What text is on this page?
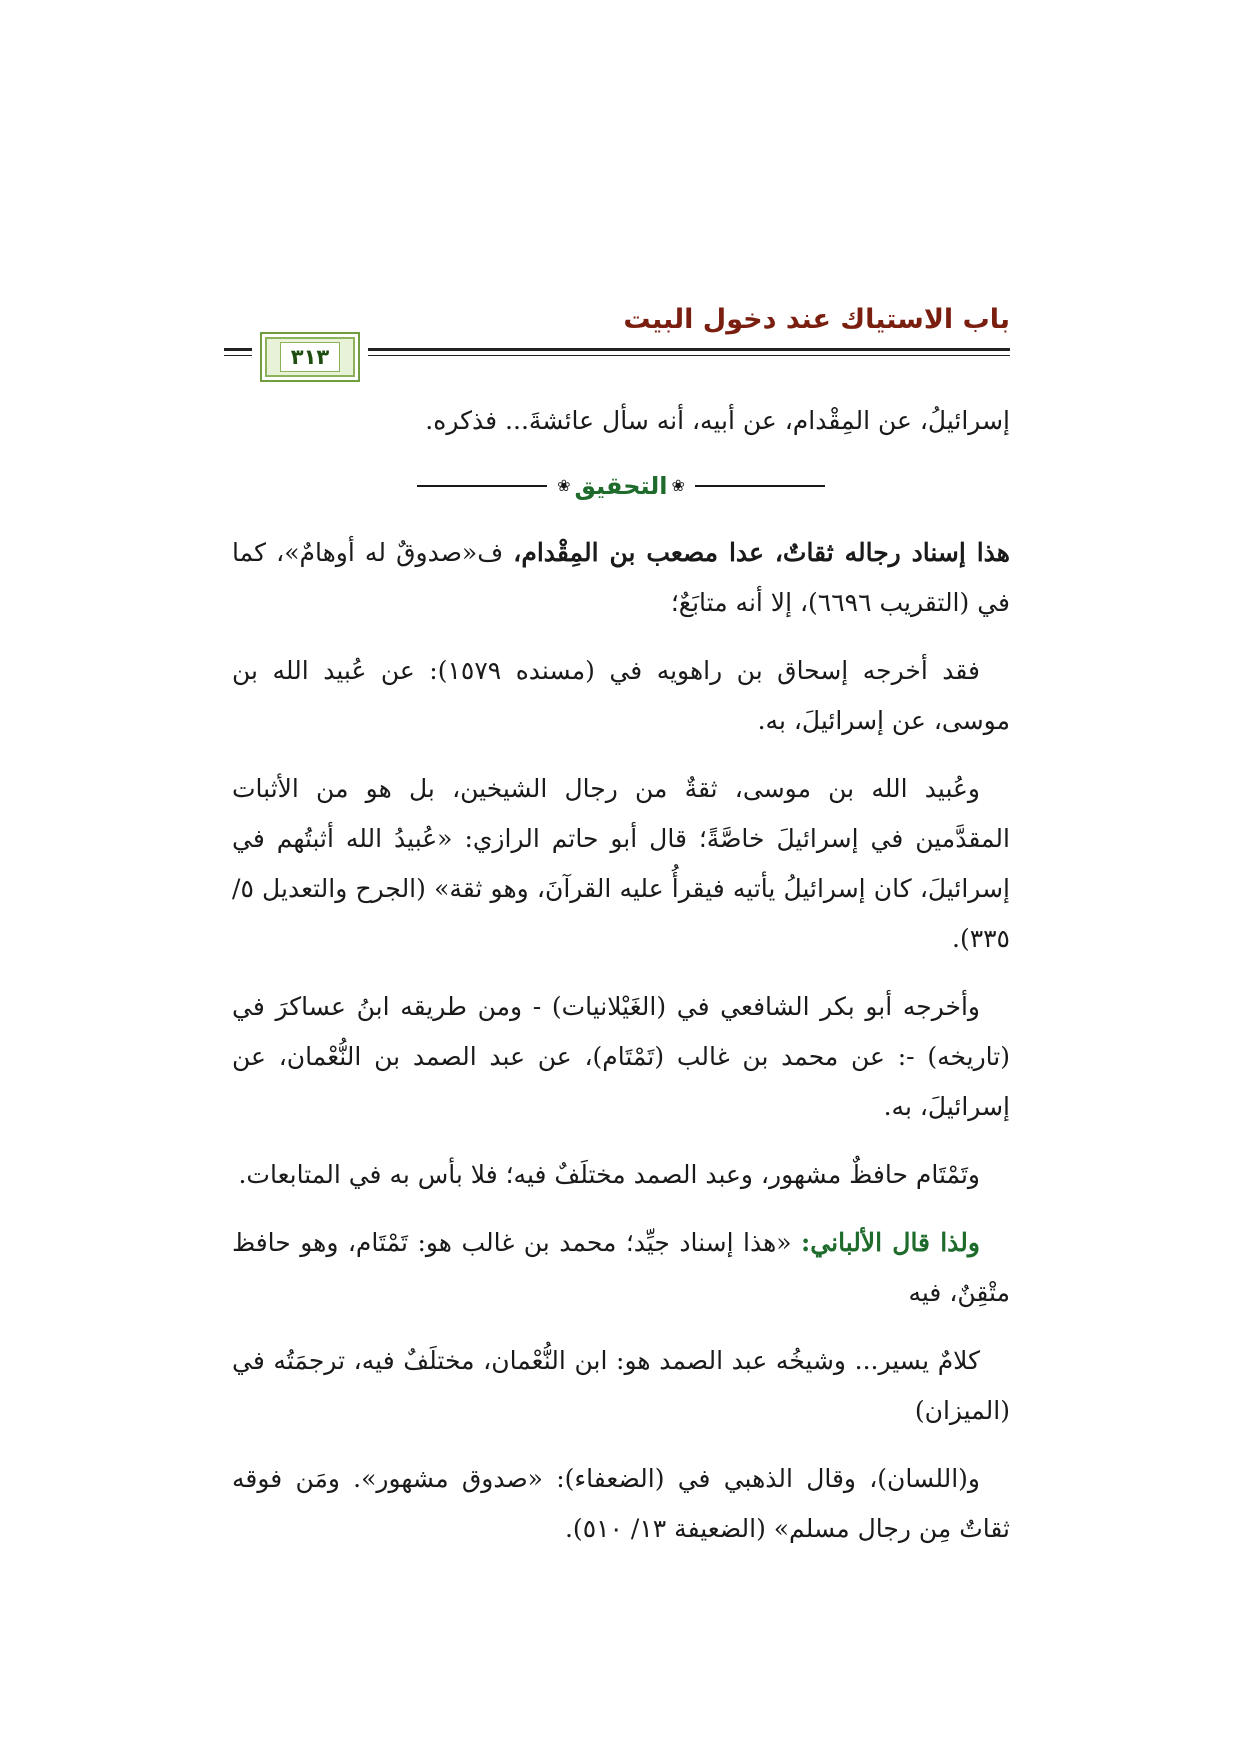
باب الاستياك عند دخول البيت
٣١٣

إسرائيلُ، عن المِقْدام، عن أبيه، أنه سأل عائشةَ... فذكره.

❀
التحقيق
❀

هذا إسناد رجاله ثقاتٌ، عدا مصعب بن المِقْدام، ف«صدوقٌ له أوهامٌ»، كما في (التقريب ٦٦٩٦)، إلا أنه متابَعٌ؛

فقد أخرجه إسحاق بن راهويه في (مسنده ١٥٧٩): عن عُبيد الله بن موسى، عن إسرائيلَ، به.

وعُبيد الله بن موسى، ثقةٌ من رجال الشيخين، بل هو من الأثبات المقدَّمين في إسرائيلَ خاصَّةً؛ قال أبو حاتم الرازي: «عُبيدُ الله أثبتُهم في إسرائيلَ، كان إسرائيلُ يأتيه فيقرأُ عليه القرآنَ، وهو ثقة» (الجرح والتعديل ٥/ ٣٣٥).

وأخرجه أبو بكر الشافعي في (الغَيْلانيات) - ومن طريقه ابنُ عساكرَ في (تاريخه) -: عن محمد بن غالب (تَمْتَام)، عن عبد الصمد بن النُّعْمان، عن إسرائيلَ، به.

وتَمْتَام حافظٌ مشهور، وعبد الصمد مختلَفٌ فيه؛ فلا بأس به في المتابعات.

ولذا قال الألباني: «هذا إسناد جيِّد؛ محمد بن غالب هو: تَمْتَام، وهو حافظ متْقِنٌ، فيه

كلامٌ يسير... وشيخُه عبد الصمد هو: ابن النُّعْمان، مختلَفٌ فيه، ترجمَتُه في (الميزان)

و(اللسان)، وقال الذهبي في (الضعفاء): «صدوق مشهور». ومَن فوقه ثقاتٌ مِن رجال مسلم» (الضعيفة ١٣/ ٥١٠).
